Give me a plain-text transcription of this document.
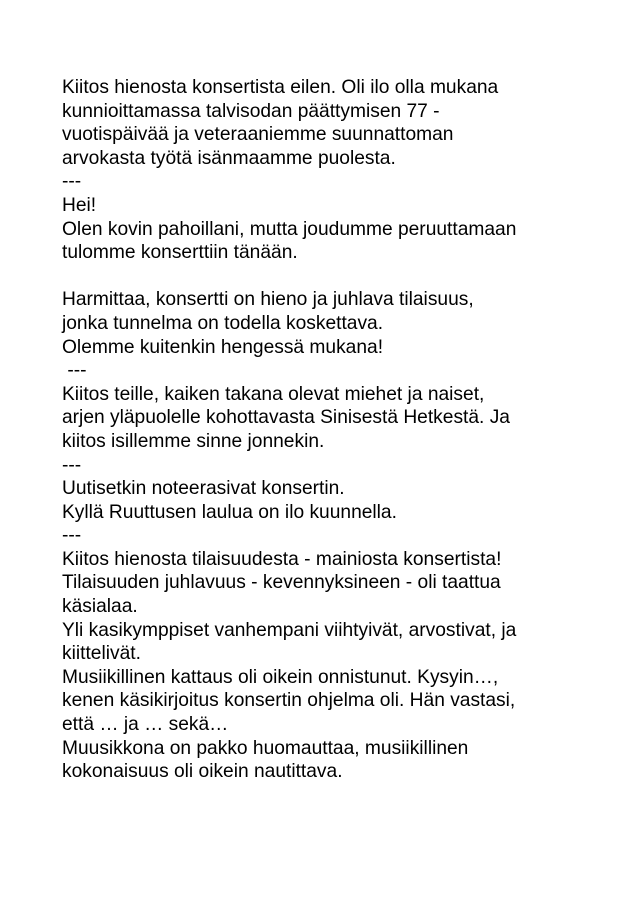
Kiitos hienosta konsertista eilen. Oli ilo olla mukana
kunnioittamassa talvisodan päättymisen 77 -
vuotispäivää ja veteraaniemme suunnattoman
arvokasta työtä isänmaamme puolesta.
---
Hei!
Olen kovin pahoillani, mutta joudumme peruuttamaan
tulomme konserttiin tänään.
Harmittaa, konsertti on hieno ja juhlava tilaisuus,
jonka tunnelma on todella koskettava.
Olemme kuitenkin hengessä mukana!
---
Kiitos teille, kaiken takana olevat miehet ja naiset,
arjen yläpuolelle kohottavasta Sinisestä Hetkestä. Ja
kiitos isillemme sinne jonnekin.
---
Uutisetkin noteerasivat konsertin.
Kyllä Ruuttusen laulua on ilo kuunnella.
---
Kiitos hienosta tilaisuudesta - mainiosta konsertista!
Tilaisuuden juhlavuus - kevennyksineen - oli taattua
käsialaa.
Yli kasikymppiset vanhempani viihtyivät, arvostivat, ja
kiittelivät.
Musiikillinen kattaus oli oikein onnistunut. Kysyin…,
kenen käsikirjoitus konsertin ohjelma oli. Hän vastasi,
että … ja … sekä…
Muusikkona on pakko huomauttaa, musiikillinen
kokonaisuus oli oikein nautittava.
